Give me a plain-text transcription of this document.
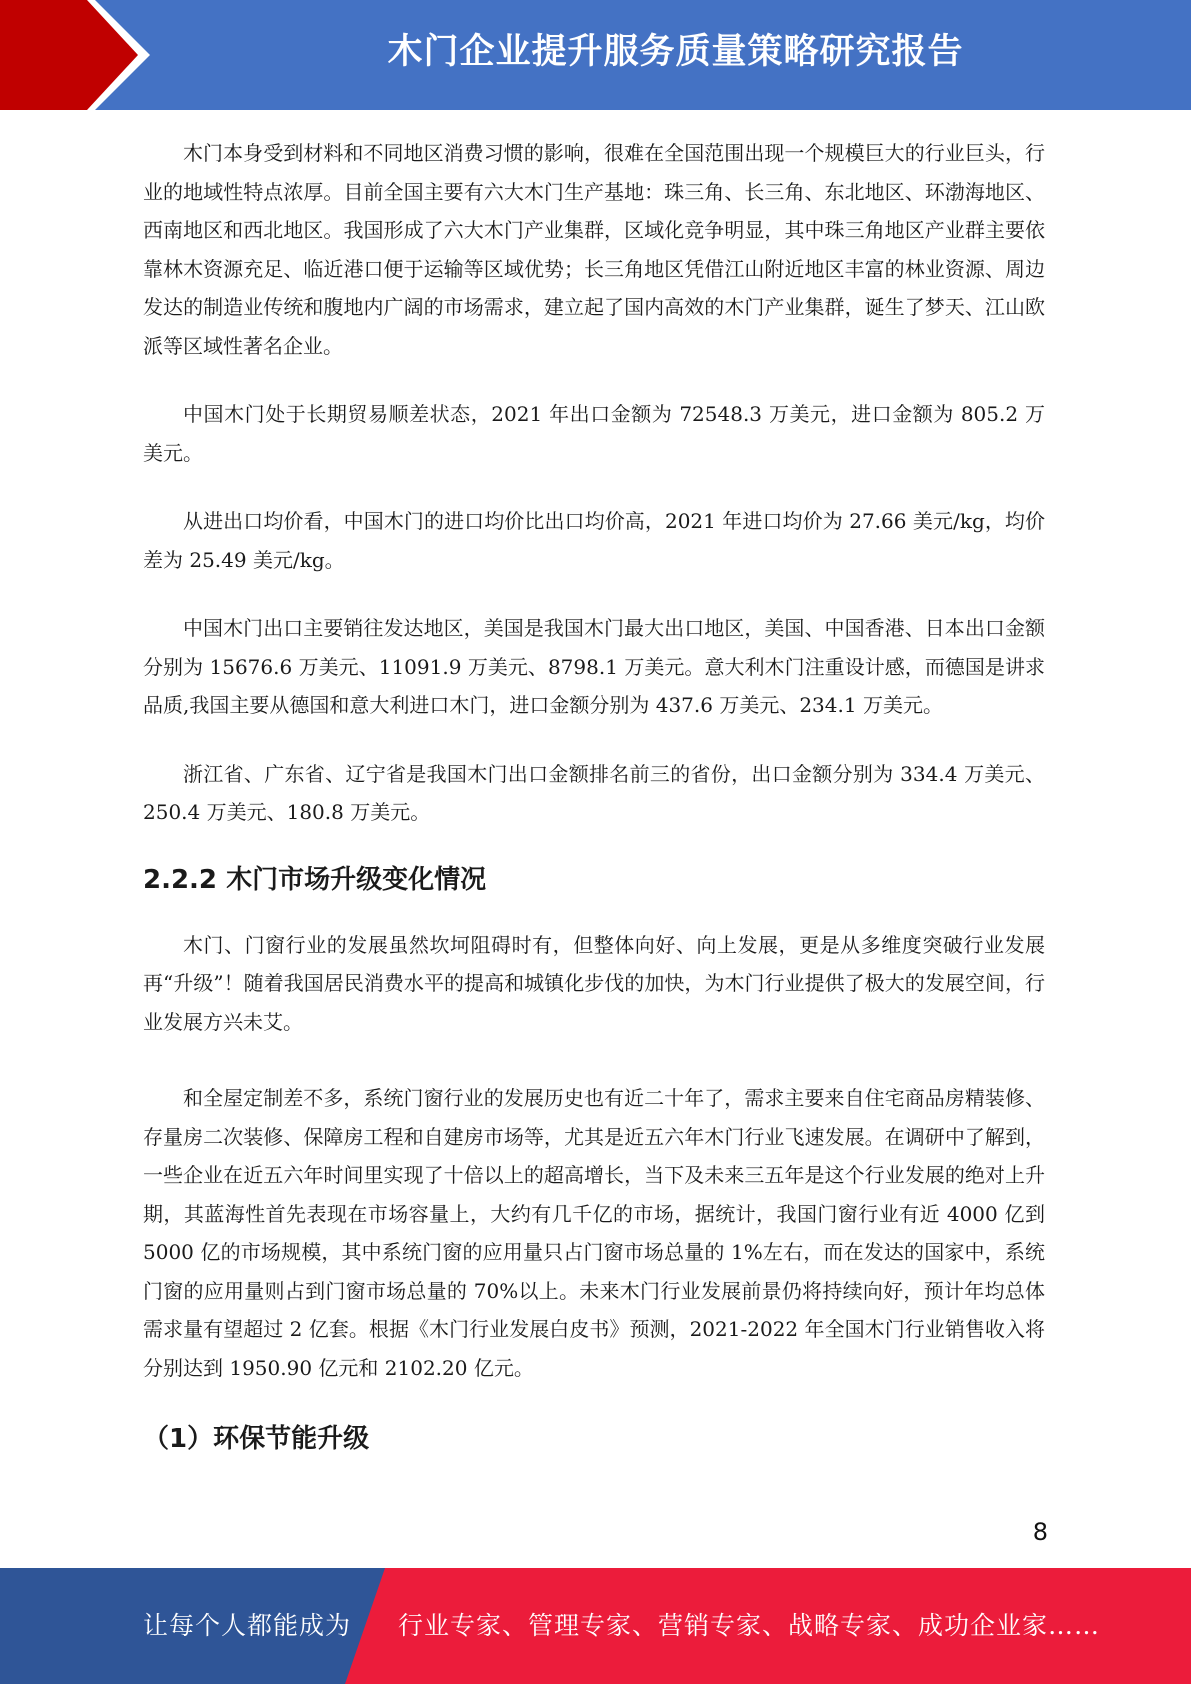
木门企业提升服务质量策略研究报告

木门本身受到材料和不同地区消费习惯的影响，很难在全国范围出现一个规模巨大的行业巨头，行业的地域性特点浓厚。目前全国主要有六大木门生产基地：珠三角、长三角、东北地区、环渤海地区、西南地区和西北地区。我国形成了六大木门产业集群，区域化竞争明显，其中珠三角地区产业群主要依靠林木资源充足、临近港口便于运输等区域优势；长三角地区凭借江山附近地区丰富的林业资源、周边发达的制造业传统和腹地内广阔的市场需求，建立起了国内高效的木门产业集群，诞生了梦天、江山欧派等区域性著名企业。

中国木门处于长期贸易顺差状态，2021 年出口金额为 72548.3 万美元，进口金额为 805.2 万美元。

从进出口均价看，中国木门的进口均价比出口均价高，2021 年进口均价为 27.66 美元/kg，均价差为 25.49 美元/kg。

中国木门出口主要销往发达地区，美国是我国木门最大出口地区，美国、中国香港、日本出口金额分别为 15676.6 万美元、11091.9 万美元、8798.1 万美元。意大利木门注重设计感，而德国是讲求品质,我国主要从德国和意大利进口木门，进口金额分别为 437.6 万美元、234.1 万美元。

浙江省、广东省、辽宁省是我国木门出口金额排名前三的省份，出口金额分别为 334.4 万美元、250.4 万美元、180.8 万美元。

2.2.2 木门市场升级变化情况

木门、门窗行业的发展虽然坎坷阻碍时有，但整体向好、向上发展，更是从多维度突破行业发展再“升级”！随着我国居民消费水平的提高和城镇化步伐的加快，为木门行业提供了极大的发展空间，行业发展方兴未艾。

和全屋定制差不多，系统门窗行业的发展历史也有近二十年了，需求主要来自住宅商品房精装修、存量房二次装修、保障房工程和自建房市场等，尤其是近五六年木门行业飞速发展。在调研中了解到，一些企业在近五六年时间里实现了十倍以上的超高增长，当下及未来三五年是这个行业发展的绝对上升期，其蓝海性首先表现在市场容量上，大约有几千亿的市场，据统计，我国门窗行业有近 4000 亿到 5000 亿的市场规模，其中系统门窗的应用量只占门窗市场总量的 1%左右，而在发达的国家中，系统门窗的应用量则占到门窗市场总量的 70%以上。未来木门行业发展前景仍将持续向好，预计年均总体需求量有望超过 2 亿套。根据《木门行业发展白皮书》预测，2021-2022 年全国木门行业销售收入将分别达到 1950.90 亿元和 2102.20 亿元。

（1）环保节能升级
8
让每个人都能成为 行业专家、管理专家、营销专家、战略专家、成功企业家……
